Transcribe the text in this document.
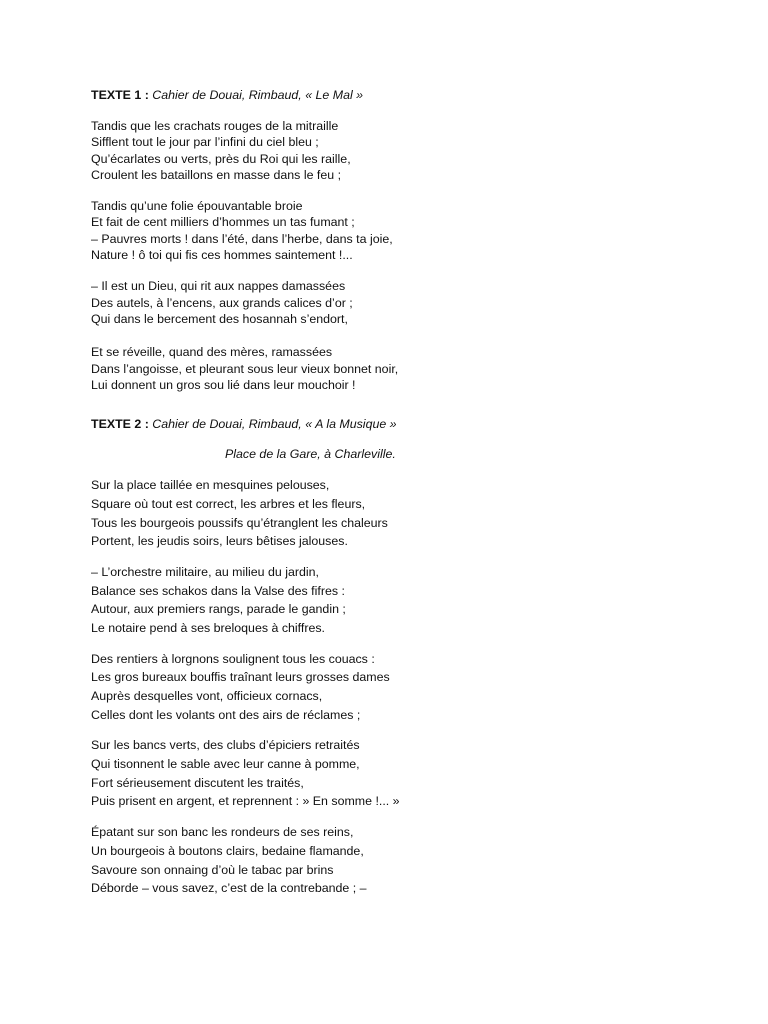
TEXTE 1 : Cahier de Douai, Rimbaud, « Le Mal »
Tandis que les crachats rouges de la mitraille
Sifflent tout le jour par l’infini du ciel bleu ;
Qu’écarlates ou verts, près du Roi qui les raille,
Croulent les bataillons en masse dans le feu ;
Tandis qu’une folie épouvantable broie
Et fait de cent milliers d’hommes un tas fumant ;
– Pauvres morts ! dans l’été, dans l’herbe, dans ta joie,
Nature ! ô toi qui fis ces hommes saintement !...
– Il est un Dieu, qui rit aux nappes damassées
Des autels, à l’encens, aux grands calices d’or ;
Qui dans le bercement des hosannah s’endort,
Et se réveille, quand des mères, ramassées
Dans l’angoisse, et pleurant sous leur vieux bonnet noir,
Lui donnent un gros sou lié dans leur mouchoir !
TEXTE 2 : Cahier de Douai, Rimbaud, « A la Musique »
Place de la Gare, à Charleville.
Sur la place taillée en mesquines pelouses,
Square où tout est correct, les arbres et les fleurs,
Tous les bourgeois poussifs qu’étranglent les chaleurs
Portent, les jeudis soirs, leurs bêtises jalouses.
– L’orchestre militaire, au milieu du jardin,
Balance ses schakos dans la Valse des fifres :
Autour, aux premiers rangs, parade le gandin ;
Le notaire pend à ses breloques à chiffres.
Des rentiers à lorgnons soulignent tous les couacs :
Les gros bureaux bouffis traînant leurs grosses dames
Auprès desquelles vont, officieux cornacs,
Celles dont les volants ont des airs de réclames ;
Sur les bancs verts, des clubs d’épiciers retraités
Qui tisonnent le sable avec leur canne à pomme,
Fort sérieusement discutent les traités,
Puis prisent en argent, et reprennent : » En somme !... »
Épatant sur son banc les rondeurs de ses reins,
Un bourgeois à boutons clairs, bedaine flamande,
Savoure son onnaing d’où le tabac par brins
Déborde – vous savez, c’est de la contrebande ; –
